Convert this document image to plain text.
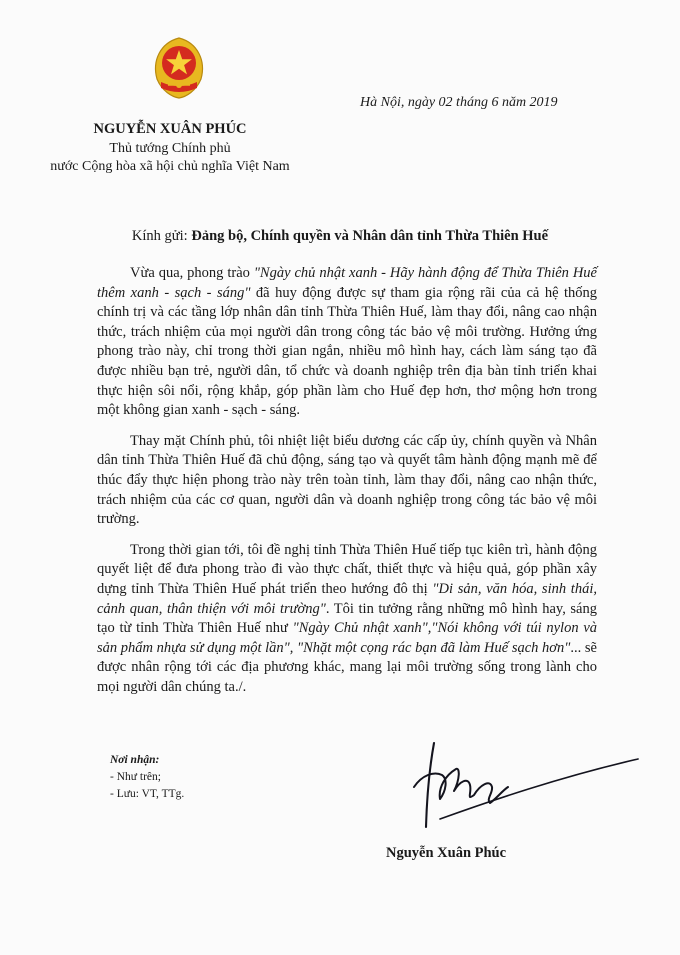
Hà Nội, ngày 02 tháng 6 năm 2019
NGUYỄN XUÂN PHÚC
Thủ tướng Chính phủ
nước Cộng hòa xã hội chủ nghĩa Việt Nam
Kính gửi: Đảng bộ, Chính quyền và Nhân dân tỉnh Thừa Thiên Huế

Vừa qua, phong trào "Ngày chủ nhật xanh - Hãy hành động để Thừa Thiên Huế thêm xanh - sạch - sáng" đã huy động được sự tham gia rộng rãi của cả hệ thống chính trị và các tầng lớp nhân dân tỉnh Thừa Thiên Huế, làm thay đổi, nâng cao nhận thức, trách nhiệm của mọi người dân trong công tác bảo vệ môi trường. Hưởng ứng phong trào này, chỉ trong thời gian ngắn, nhiều mô hình hay, cách làm sáng tạo đã được nhiều bạn trẻ, người dân, tổ chức và doanh nghiệp trên địa bàn tỉnh triển khai thực hiện sôi nổi, rộng khắp, góp phần làm cho Huế đẹp hơn, thơ mộng hơn trong một không gian xanh - sạch - sáng.

Thay mặt Chính phủ, tôi nhiệt liệt biểu dương các cấp ủy, chính quyền và Nhân dân tỉnh Thừa Thiên Huế đã chủ động, sáng tạo và quyết tâm hành động mạnh mẽ để thúc đẩy thực hiện phong trào này trên toàn tỉnh, làm thay đổi, nâng cao nhận thức, trách nhiệm của các cơ quan, người dân và doanh nghiệp trong công tác bảo vệ môi trường.

Trong thời gian tới, tôi đề nghị tỉnh Thừa Thiên Huế tiếp tục kiên trì, hành động quyết liệt để đưa phong trào đi vào thực chất, thiết thực và hiệu quả, góp phần xây dựng tỉnh Thừa Thiên Huế phát triển theo hướng đô thị "Di sản, văn hóa, sinh thái, cảnh quan, thân thiện với môi trường". Tôi tin tưởng rằng những mô hình hay, sáng tạo từ tỉnh Thừa Thiên Huế như "Ngày Chủ nhật xanh","Nói không với túi nylon và sản phẩm nhựa sử dụng một lần", "Nhặt một cọng rác bạn đã làm Huế sạch hơn"... sẽ được nhân rộng tới các địa phương khác, mang lại môi trường sống trong lành cho mọi người dân chúng ta./.

Nơi nhận:
- Như trên;
- Lưu: VT, TTg.
Nguyễn Xuân Phúc
